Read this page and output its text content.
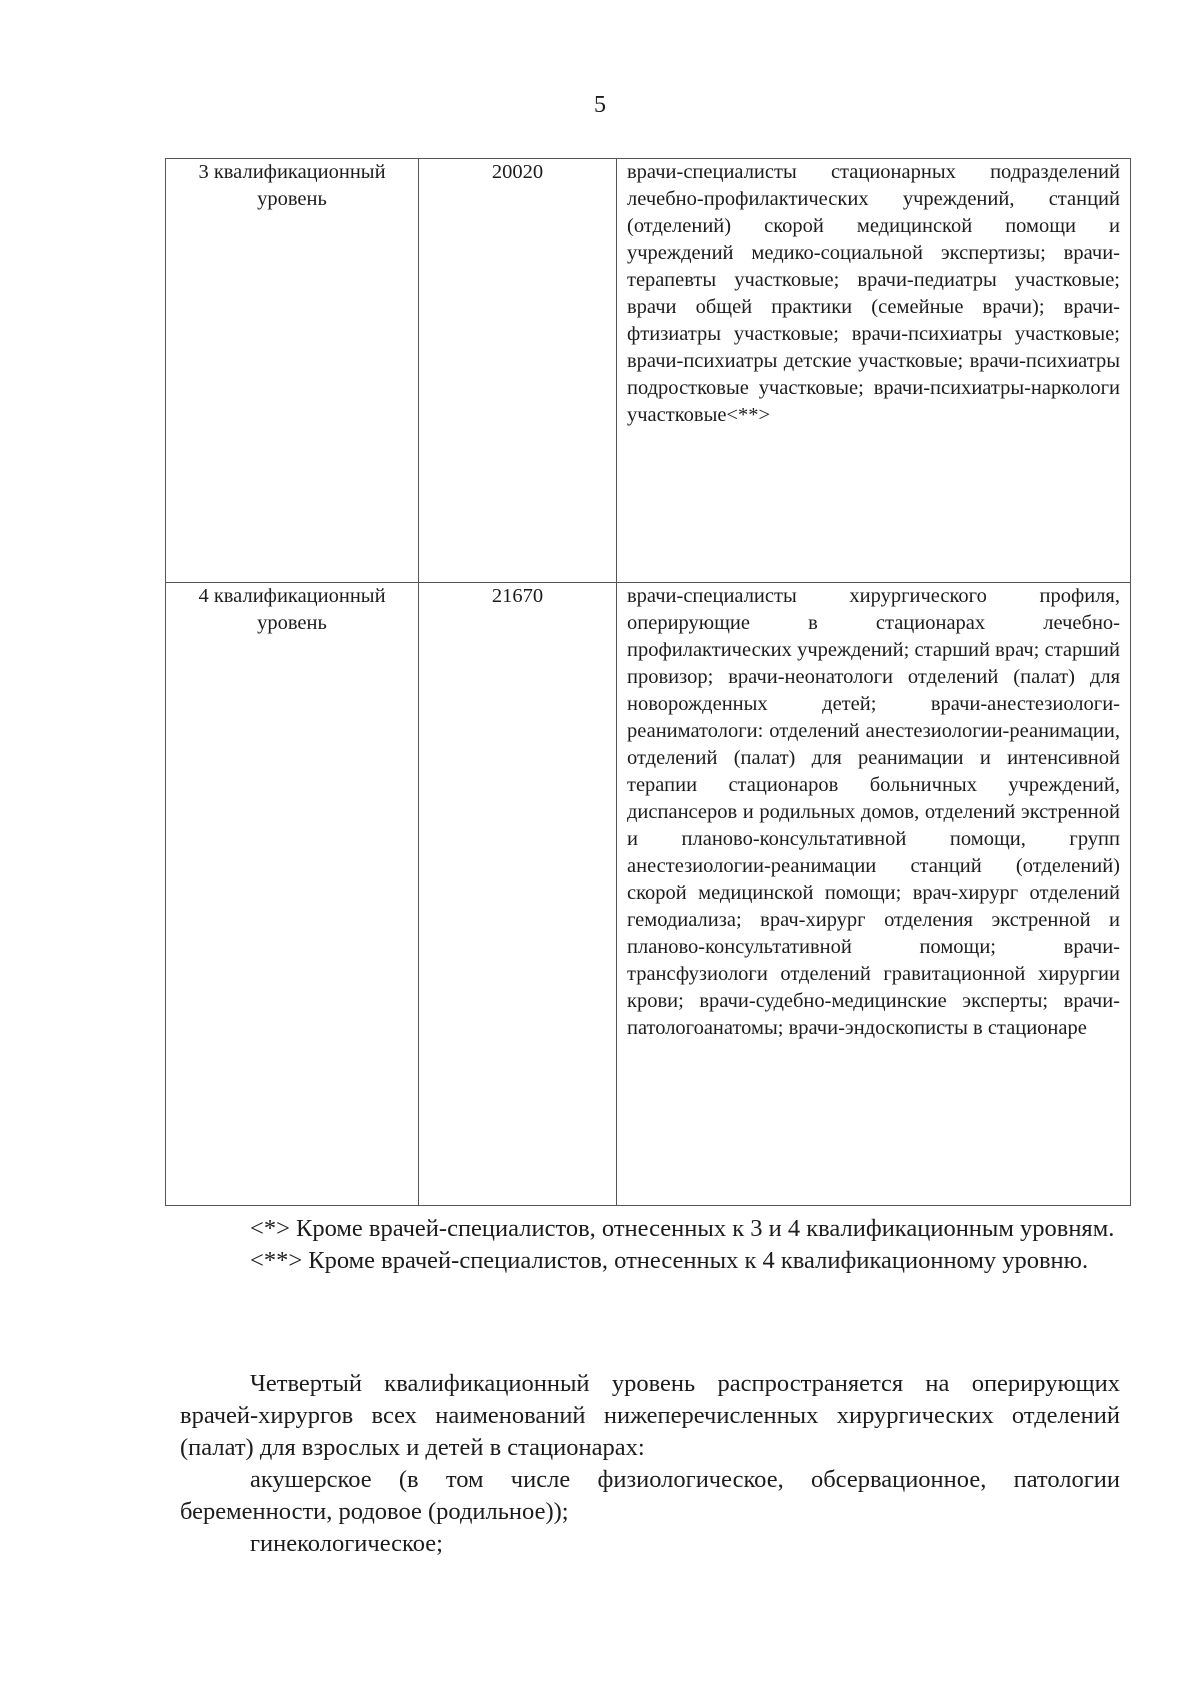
5
3 квалификационный уровень
20020	врачи-специалисты стационарных подразделений лечебно-профилактических учреждений, станций (отделений) скорой медицинской помощи и учреждений медико-социальной экспертизы; врачи-терапевты участковые; врачи-педиатры участковые; врачи общей практики (семейные врачи); врачи-фтизиатры участковые; врачи-психиатры участковые; врачи-психиатры детские участковые; врачи-психиатры подростковые участковые; врачи-психиатры-наркологи участковые<**>
4 квалификационный уровень
21670	врачи-специалисты хирургического профиля, оперирующие в стационарах лечебно-профилактических учреждений; старший врач; старший провизор; врачи-неонатологи отделений (палат) для новорожденных детей; врачи-анестезиологи-реаниматологи: отделений анестезиологии-реанимации, отделений (палат) для реанимации и интенсивной терапии стационаров больничных учреждений, диспансеров и родильных домов, отделений экстренной и планово-консультативной помощи, групп анестезиологии-реанимации станций (отделений) скорой медицинской помощи; врач-хирург отделений гемодиализа; врач-хирург отделения экстренной и планово-консультативной помощи; врачи-трансфузиологи отделений гравитационной хирургии крови; врачи-судебно-медицинские эксперты; врачи-патологоанатомы; врачи-эндоскописты в стационаре

<*> Кроме врачей-специалистов, отнесенных к 3 и 4 квалификационным уровням.

<**> Кроме врачей-специалистов, отнесенных к 4 квалификационному уровню.

Четвертый квалификационный уровень распространяется на оперирующих врачей-хирургов всех наименований нижеперечисленных хирургических отделений (палат) для взрослых и детей в стационарах:

акушерское (в том числе физиологическое, обсервационное, патологии беременности, родовое (родильное));

гинекологическое;
